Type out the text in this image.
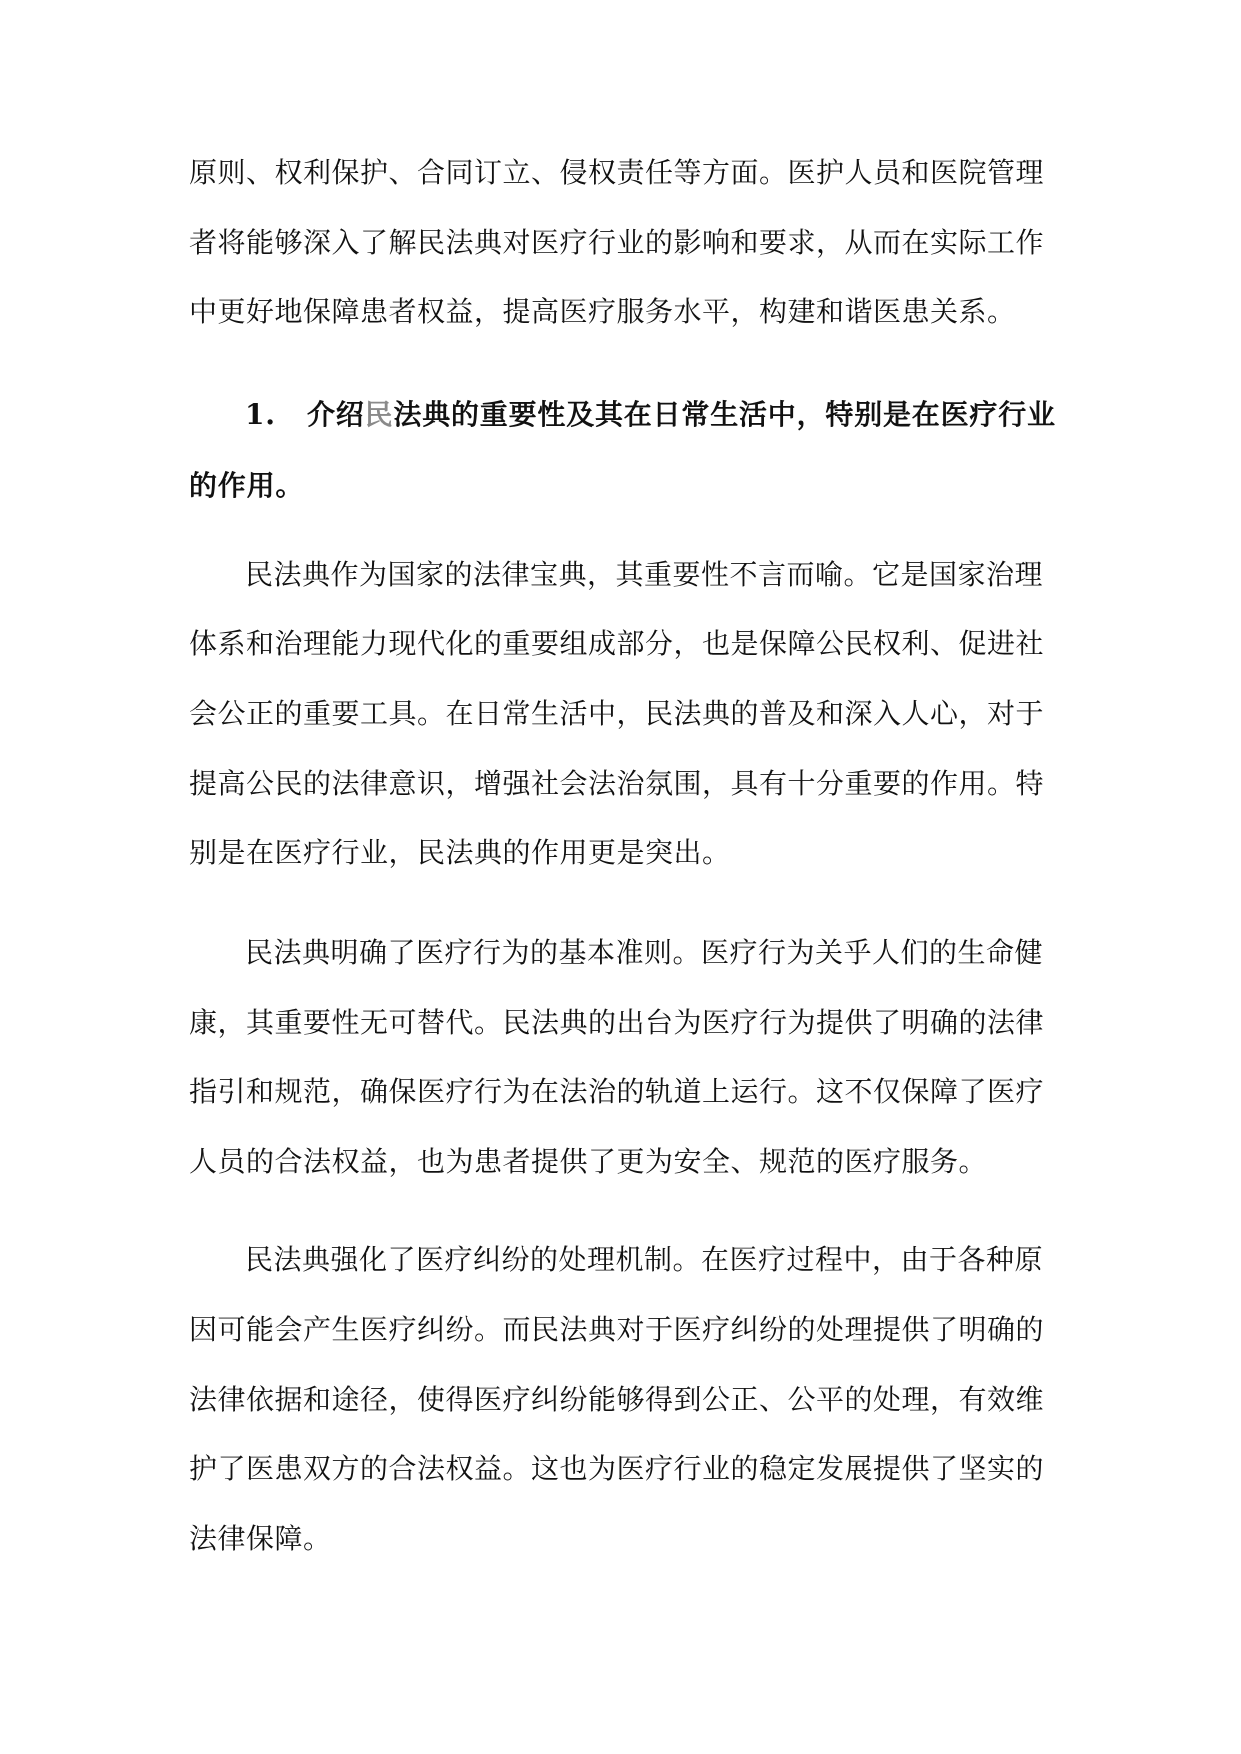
原则、权利保护、合同订立、侵权责任等方面。医护人员和医院管理
者将能够深入了解民法典对医疗行业的影响和要求，从而在实际工作
中更好地保障患者权益，提高医疗服务水平，构建和谐医患关系。
1. 介绍民法典的重要性及其在日常生活中，特别是在医疗行业
的作用。
民法典作为国家的法律宝典，其重要性不言而喻。它是国家治理
体系和治理能力现代化的重要组成部分，也是保障公民权利、促进社
会公正的重要工具。在日常生活中，民法典的普及和深入人心，对于
提高公民的法律意识，增强社会法治氛围，具有十分重要的作用。特
别是在医疗行业，民法典的作用更是突出。
民法典明确了医疗行为的基本准则。医疗行为关乎人们的生命健
康，其重要性无可替代。民法典的出台为医疗行为提供了明确的法律
指引和规范，确保医疗行为在法治的轨道上运行。这不仅保障了医疗
人员的合法权益，也为患者提供了更为安全、规范的医疗服务。
民法典强化了医疗纠纷的处理机制。在医疗过程中，由于各种原
因可能会产生医疗纠纷。而民法典对于医疗纠纷的处理提供了明确的
法律依据和途径，使得医疗纠纷能够得到公正、公平的处理，有效维
护了医患双方的合法权益。这也为医疗行业的稳定发展提供了坚实的
法律保障。
